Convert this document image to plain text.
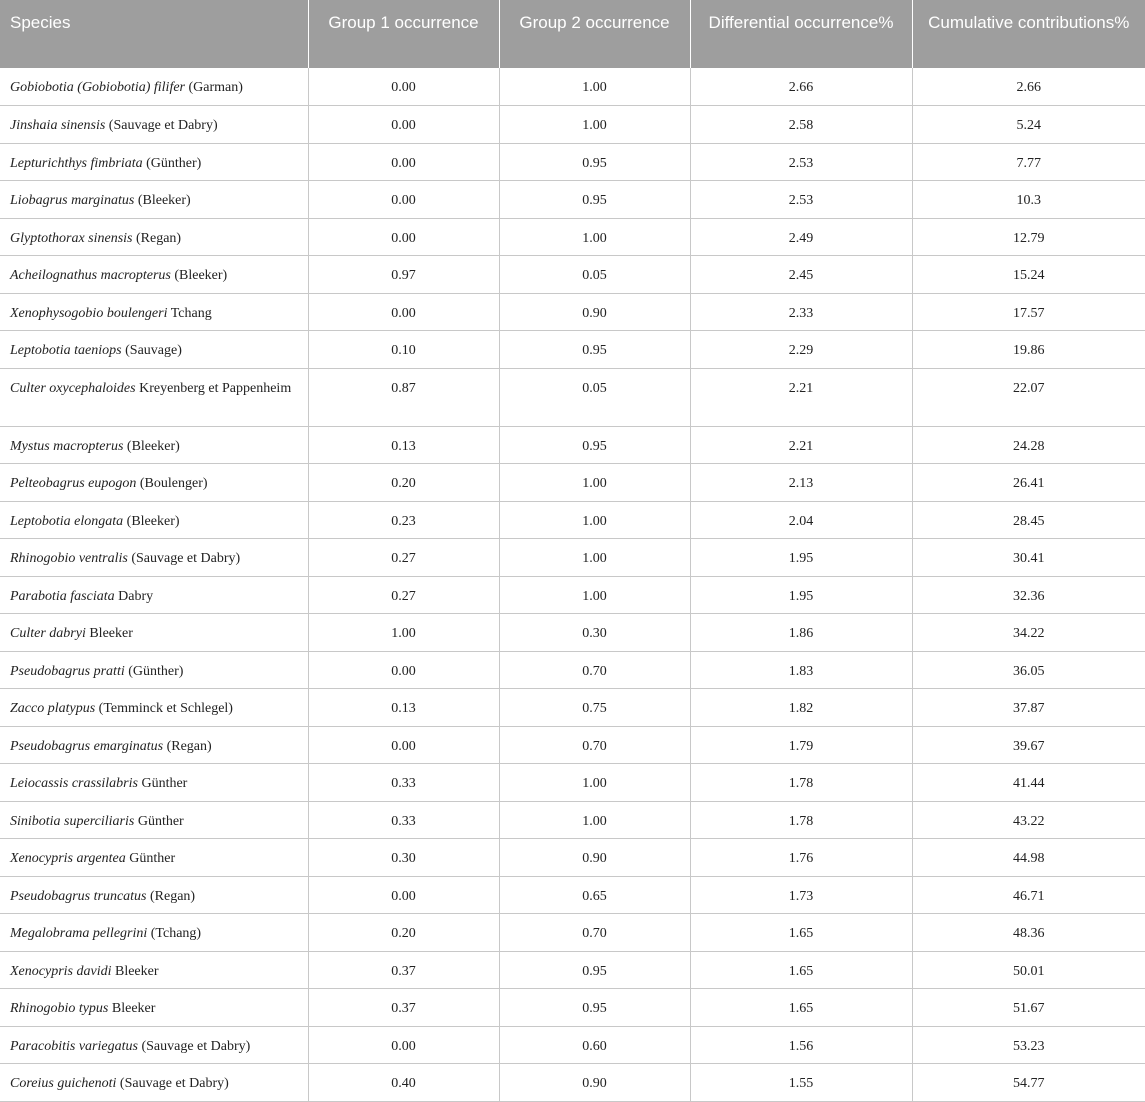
Species	Group 1 occurrence	Group 2 occurrence	Differential occurrence%	Cumulative contributions%
Gobiobotia (Gobiobotia) filifer (Garman)	0.00	1.00	2.66	2.66
Jinshaia sinensis (Sauvage et Dabry)	0.00	1.00	2.58	5.24
Lepturichthys fimbriata (Günther)	0.00	0.95	2.53	7.77
Liobagrus marginatus (Bleeker)	0.00	0.95	2.53	10.3
Glyptothorax sinensis (Regan)	0.00	1.00	2.49	12.79
Acheilognathus macropterus (Bleeker)	0.97	0.05	2.45	15.24
Xenophysogobio boulengeri Tchang	0.00	0.90	2.33	17.57
Leptobotia taeniops (Sauvage)	0.10	0.95	2.29	19.86
Culter oxycephaloides Kreyenberg et Pappenheim	0.87	0.05	2.21	22.07
Mystus macropterus (Bleeker)	0.13	0.95	2.21	24.28
Pelteobagrus eupogon (Boulenger)	0.20	1.00	2.13	26.41
Leptobotia elongata (Bleeker)	0.23	1.00	2.04	28.45
Rhinogobio ventralis (Sauvage et Dabry)	0.27	1.00	1.95	30.41
Parabotia fasciata Dabry	0.27	1.00	1.95	32.36
Culter dabryi Bleeker	1.00	0.30	1.86	34.22
Pseudobagrus pratti (Günther)	0.00	0.70	1.83	36.05
Zacco platypus (Temminck et Schlegel)	0.13	0.75	1.82	37.87
Pseudobagrus emarginatus (Regan)	0.00	0.70	1.79	39.67
Leiocassis crassilabris Günther	0.33	1.00	1.78	41.44
Sinibotia superciliaris Günther	0.33	1.00	1.78	43.22
Xenocypris argentea Günther	0.30	0.90	1.76	44.98
Pseudobagrus truncatus (Regan)	0.00	0.65	1.73	46.71
Megalobrama pellegrini (Tchang)	0.20	0.70	1.65	48.36
Xenocypris davidi Bleeker	0.37	0.95	1.65	50.01
Rhinogobio typus Bleeker	0.37	0.95	1.65	51.67
Paracobitis variegatus (Sauvage et Dabry)	0.00	0.60	1.56	53.23
Coreius guichenoti (Sauvage et Dabry)	0.40	0.90	1.55	54.77
